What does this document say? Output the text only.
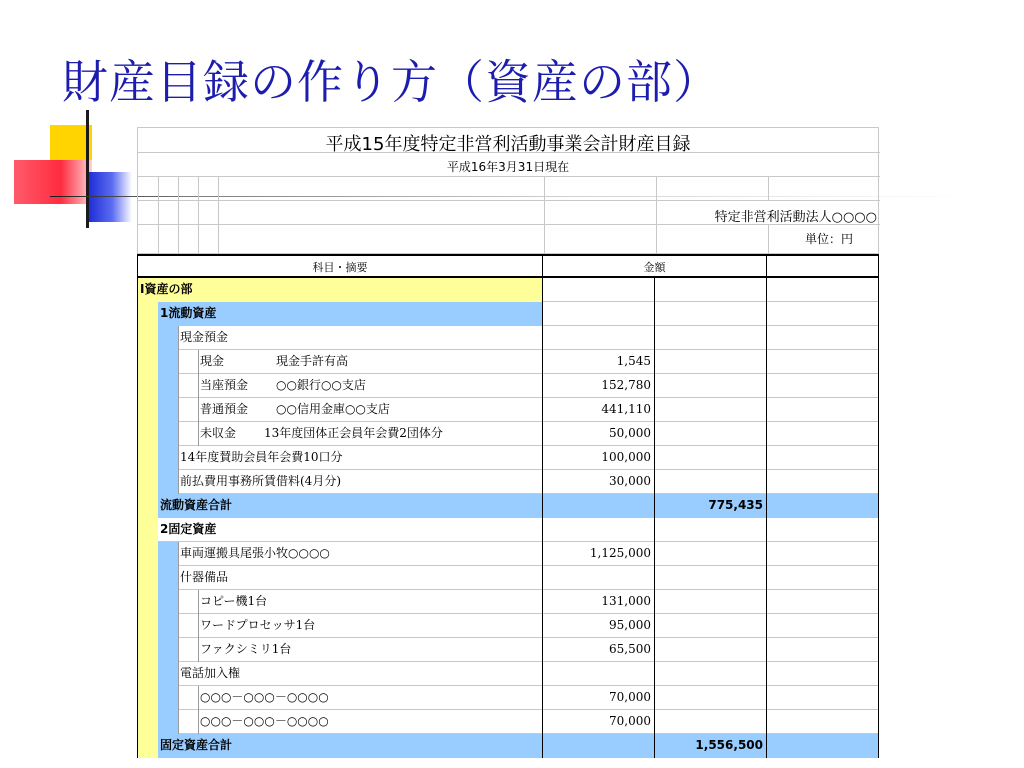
財産目録の作り方（資産の部）
平成15年度特定非営利活動事業会計財産目録
平成16年3月31日現在
特定非営利活動法人○○○○
単位：円
科目・摘要	金額
Ⅰ資産の部
1流動資産
現金預金
現金	現金手許有高	1,545
当座預金 ○○銀行○○支店	152,780
普通預金 ○○信用金庫○○支店	441,110
未収金 13年度団体正会員年会費2団体分	50,000
14年度賛助会員年会費10口分	100,000
前払費用事務所賃借料(4月分)	30,000
流動資産合計	775,435
2固定資産
車両運搬具尾張小牧○○○○	1,125,000
什器備品
コピー機1台	131,000
ワードプロセッサ1台	95,000
ファクシミリ1台	65,500
電話加入権
○○○－○○○－○○○○	70,000
○○○－○○○－○○○○	70,000
固定資産合計	1,556,500
